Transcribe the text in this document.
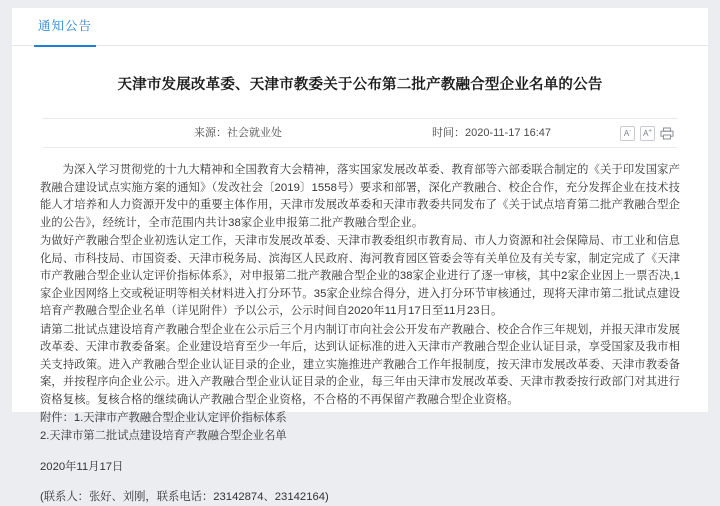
通知公告
天津市发展改革委、天津市教委关于公布第二批产教融合型企业名单的公告
来源：社会就业处	时间：2020-11-17 16:47	A-	A+

为深入学习贯彻党的十九大精神和全国教育大会精神，落实国家发展改革委、教育部等六部委联合制定的《关于印发国家产教融合建设试点实施方案的通知》（发改社会〔2019〕1558号）要求和部署，深化产教融合、校企合作，充分发挥企业在技术技能人才培养和人力资源开发中的重要主体作用，天津市发展改革委和天津市教委共同发布了《关于试点培育第二批产教融合型企业的公告》，经统计，全市范围内共计38家企业申报第二批产教融合型企业。

为做好产教融合型企业初选认定工作，天津市发展改革委、天津市教委组织市教育局、市人力资源和社会保障局、市工业和信息化局、市科技局、市国资委、天津市税务局、滨海区人民政府、海河教育园区管委会等有关单位及有关专家，制定完成了《天津市产教融合型企业认定评价指标体系》，对申报第二批产教融合型企业的38家企业进行了逐一审核，其中2家企业因上一票否决,1家企业因网络上交或税证明等相关材料进入打分环节。35家企业综合得分，进入打分环节审核通过，现将天津市第二批试点建设培育产教融合型企业名单（详见附件）予以公示，公示时间自2020年11月17日至11月23日。

请第二批试点建设培育产教融合型企业在公示后三个月内制订市向社会公开发布产教融合、校企合作三年规划，并报天津市发展改革委、天津市教委备案。企业建设培育至少一年后，达到认证标准的进入天津市产教融合型企业认证目录，享受国家及我市相关支持政策。进入产教融合型企业认证目录的企业，建立实施推进产教融合工作年报制度，按天津市发展改革委、天津市教委备案，并按程序向企业公示。进入产教融合型企业认证目录的企业，每三年由天津市发展改革委、天津市教委按行政部门对其进行资格复核。复核合格的继续确认产教融合型企业资格，不合格的不再保留产教融合型企业资格。

附件：1.天津市产教融合型企业认定评价指标体系

2.天津市第二批试点建设培育产教融合型企业名单

2020年11月17日
(联系人：张好、刘刚，联系电话：23142874、23142164)
